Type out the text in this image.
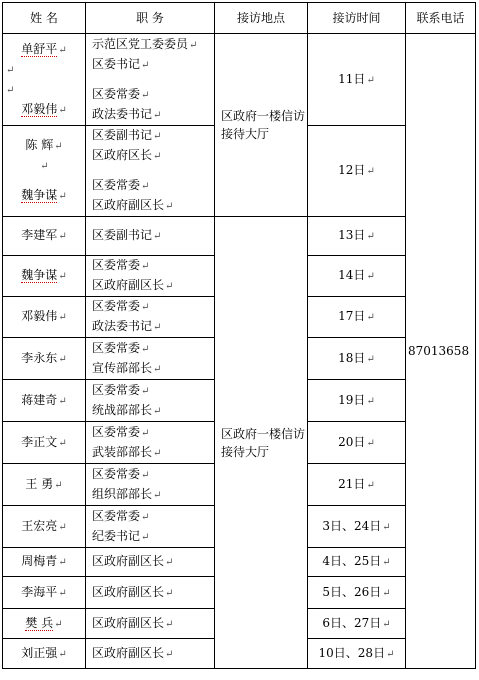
姓 名	职 务	接访地点	接访时间	联系电话

单舒平↵
↵
↵
邓毅伟↵	示范区党工委委员↵
区委书记↵
区委常委↵
政法委书记↵	区政府一楼信访接待大厅	11日↵	87013658

陈 辉↵
↵
魏争谋↵	区委副书记↵
区政府区长↵
区委常委↵
区政府副区长↵		12日↵	
李建军↵	区委副书记↵	区政府一楼信访接待大厅	13日↵	
魏争谋↵	区委常委↵
区政府副区长↵		14日↵	
邓毅伟↵	区委常委↵
政法委书记↵		17日↵	
李永东↵	区委常委↵
宣传部部长↵		18日↵	
蒋建奇↵	区委常委↵
统战部部长↵		19日↵	
李正文↵	区委常委↵
武装部部长↵		20日↵	
王 勇↵	区委常委↵
组织部部长↵		21日↵	
王宏亮↵	区委常委↵
纪委书记↵		3日、24日↵	
周梅青↵	区政府副区长↵		4日、25日↵	
李海平↵	区政府副区长↵		5日、26日↵	
樊 兵↵	区政府副区长↵		6日、27日↵	
刘正强↵	区政府副区长↵		10日、28日↵	
